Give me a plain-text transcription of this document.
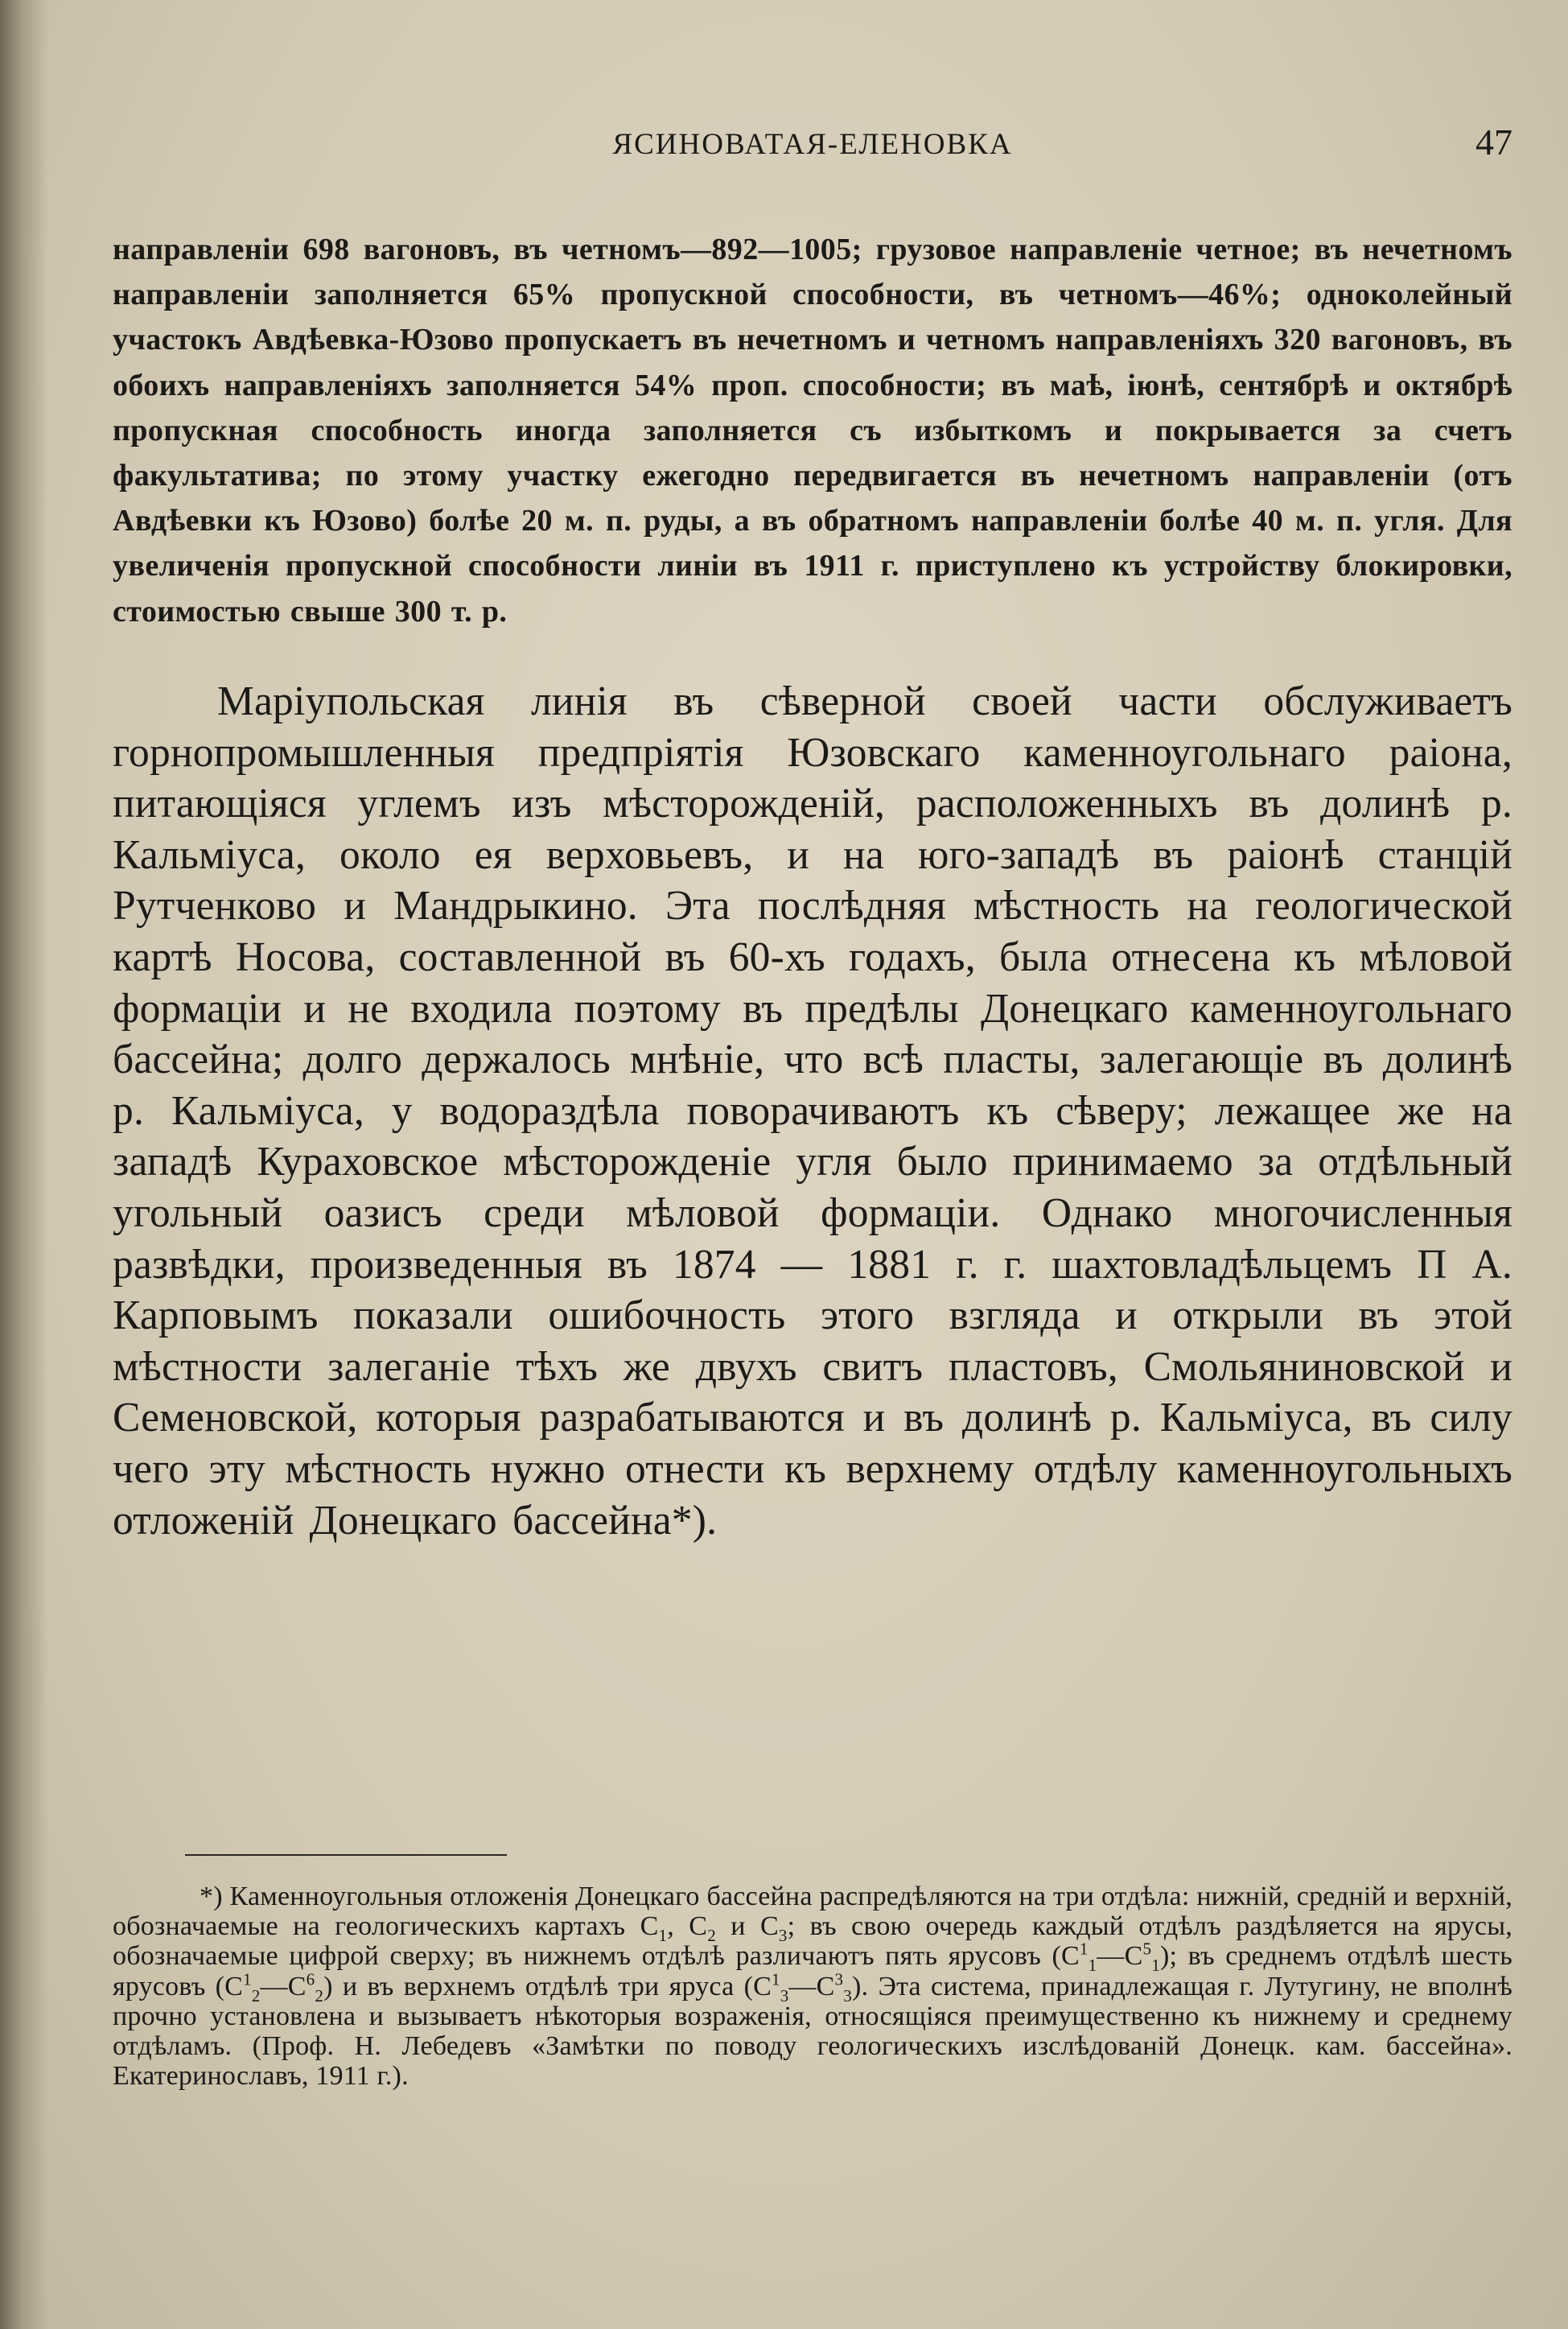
ЯСИНОВАТАЯ-ЕЛЕНОВКА	47

направленіи 698 вагоновъ, въ четномъ—892—1005; грузовое направленіе четное; въ нечетномъ направленіи заполняется 65% пропускной способности, въ четномъ—46%; одноколейный участокъ Авдѣевка-Юзово пропускаетъ въ нечетномъ и четномъ направленіяхъ 320 вагоновъ, въ обоихъ направленіяхъ заполняется 54% проп. способности; въ маѣ, іюнѣ, сентябрѣ и октябрѣ пропускная способность иногда заполняется съ избыткомъ и покрывается за счетъ факультатива; по этому участку ежегодно передвигается въ нечетномъ направленіи (отъ Авдѣевки къ Юзово) болѣе 20 м. п. руды, а въ обратномъ направленіи болѣе 40 м. п. угля. Для увеличенія пропускной способности линіи въ 1911 г. приступлено къ устройству блокировки, стоимостью свыше 300 т. р.

Маріупольская линія въ сѣверной своей части обслуживаетъ горнопромышленныя предпріятія Юзовскаго каменноугольнаго раіона, питающіяся углемъ изъ мѣсторожденій, расположенныхъ въ долинѣ р. Кальміуса, около ея верховьевъ, и на юго-западѣ въ раіонѣ станцій Рутченково и Мандрыкино. Эта послѣдняя мѣстность на геологической картѣ Носова, составленной въ 60-хъ годахъ, была отнесена къ мѣловой формаціи и не входила поэтому въ предѣлы Донецкаго каменноугольнаго бассейна; долго держалось мнѣніе, что всѣ пласты, залегающіе въ долинѣ р. Кальміуса, у водораздѣла поворачиваютъ къ сѣверу; лежащее же на западѣ Кураховское мѣсторожденіе угля было принимаемо за отдѣльный угольный оазисъ среди мѣловой формаціи. Однако многочисленныя развѣдки, произведенныя въ 1874 — 1881 г. г. шахтовладѣльцемъ П А. Карповымъ показали ошибочность этого взгляда и открыли въ этой мѣстности залеганіе тѣхъ же двухъ свитъ пластовъ, Смольяниновской и Семеновской, которыя разрабатываются и въ долинѣ р. Кальміуса, въ силу чего эту мѣстность нужно отнести къ верхнему отдѣлу каменноугольныхъ отложеній Донецкаго бассейна*).

*) Каменноугольныя отложенія Донецкаго бассейна распредѣляются на три отдѣла: нижній, средній и верхній, обозначаемые на геологическихъ картахъ $C_1$, $C_2$ и $C_3$; въ свою очередь каждый отдѣлъ раздѣляется на ярусы, обозначаемые цифрой сверху; въ нижнемъ отдѣлѣ различаютъ пять ярусовъ $(C^1_1—C^5_1)$; въ среднемъ отдѣлѣ шесть ярусовъ $(C^1_2—C^6_2)$ и въ верхнемъ отдѣлѣ три яруса $(C^1_3—C^3_3)$. Эта система, принадлежащая г. Лутугину, не вполнѣ прочно установлена и вызываетъ нѣкоторыя возраженія, относящіяся преимущественно къ нижнему и среднему отдѣламъ. (Проф. Н. Лебедевъ «Замѣтки по поводу геологическихъ изслѣдованій Донецк. кам. бассейна». Екатеринославъ, 1911 г.).
